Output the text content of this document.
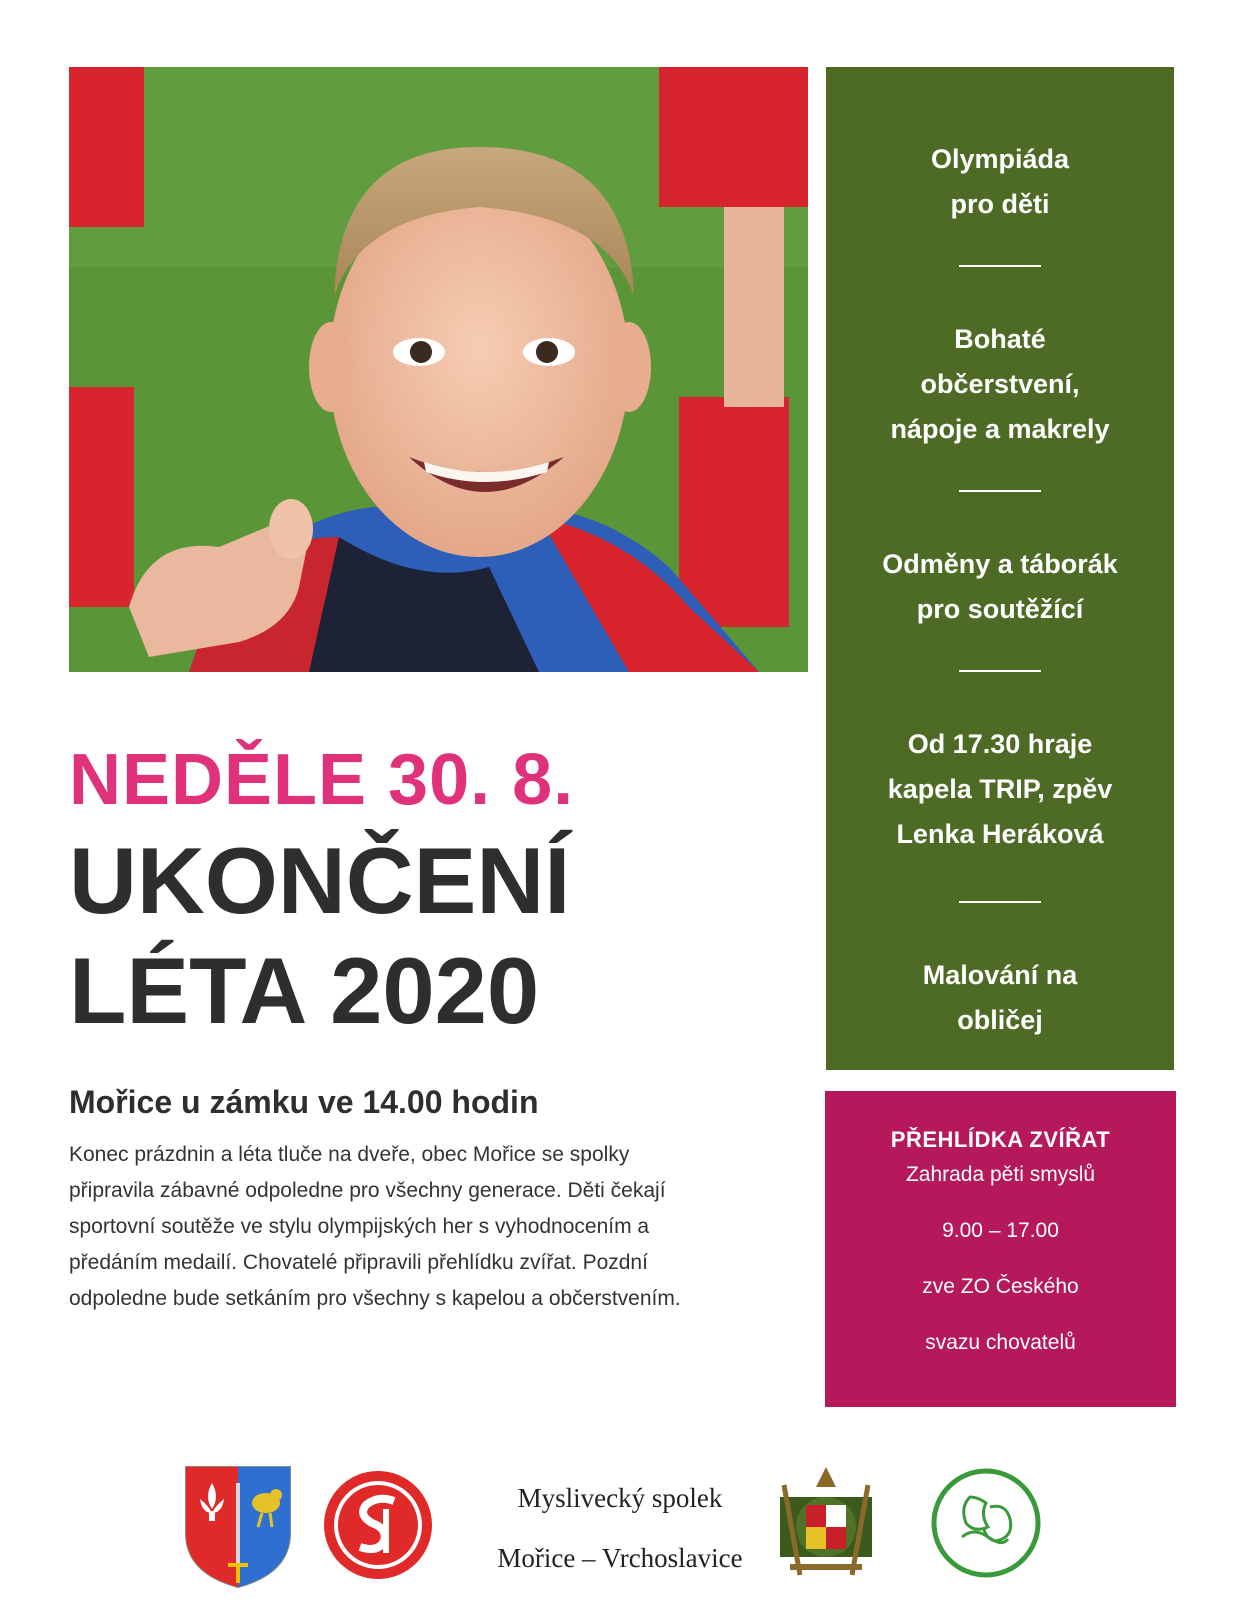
Olympiáda
pro děti
Bohaté
občerstvení,
nápoje a makrely
Odměny a táborák
pro soutěžící
Od 17.30 hraje
kapela TRIP, zpěv
Lenka Heráková
Malování na
obličej
NEDĚLE 30. 8.
UKONČENÍ
LÉTA 2020
Mořice u zámku ve 14.00 hodin
Konec prázdnin a léta tluče na dveře, obec Mořice se spolky
připravila zábavné odpoledne pro všechny generace. Děti čekají
sportovní soutěže ve stylu olympijských her s vyhodnocením a
předáním medailí. Chovatelé připravili přehlídku zvířat. Pozdní
odpoledne bude setkáním pro všechny s kapelou a občerstvením.
PŘEHLÍDKA ZVÍŘAT
Zahrada pěti smyslů
9.00 – 17.00
zve ZO Českého
svazu chovatelů
Myslivecký spolek
Mořice – Vrchoslavice
